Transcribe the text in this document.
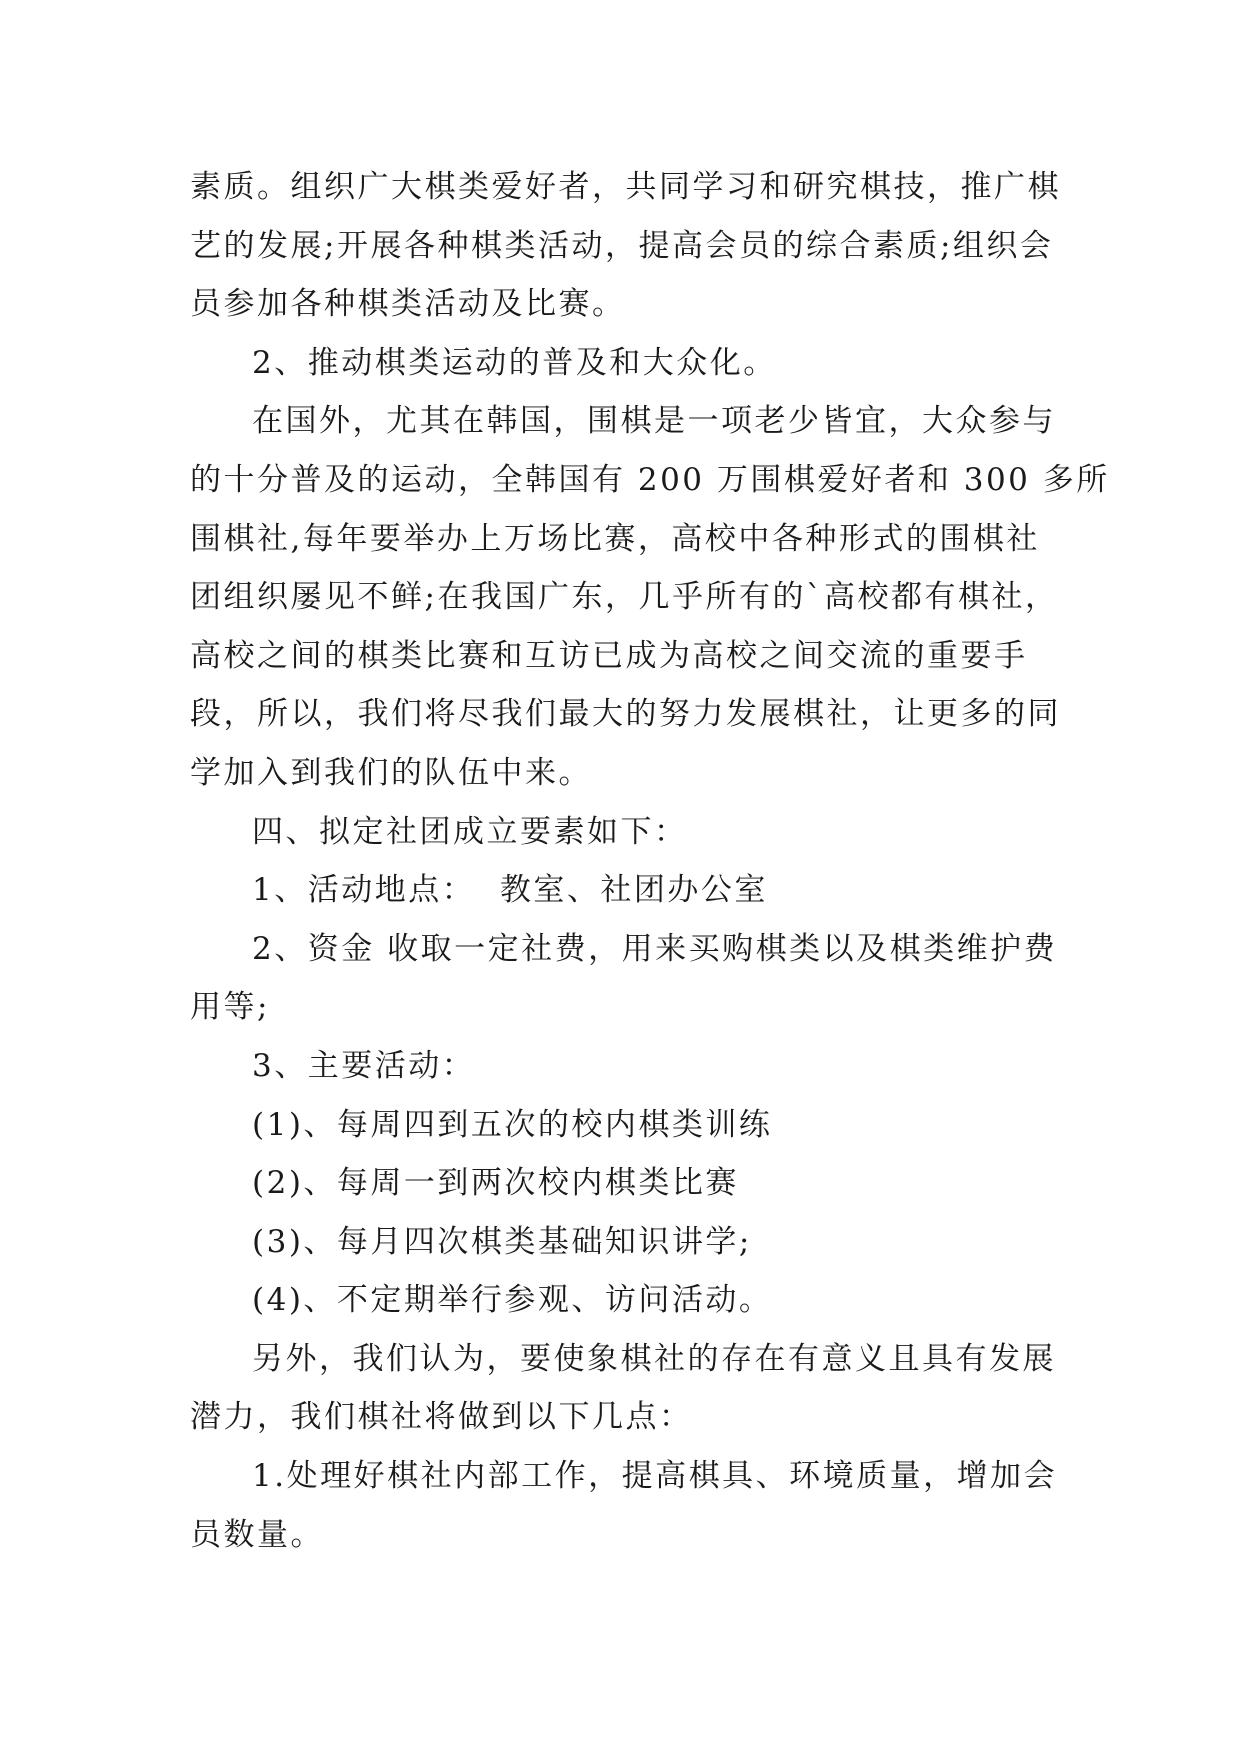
素质。组织广大棋类爱好者，共同学习和研究棋技，推广棋
艺的发展;开展各种棋类活动，提高会员的综合素质;组织会
员参加各种棋类活动及比赛。

2、推动棋类运动的普及和大众化。

在国外，尤其在韩国，围棋是一项老少皆宜，大众参与
的十分普及的运动，全韩国有 200 万围棋爱好者和 300 多所
围棋社,每年要举办上万场比赛，高校中各种形式的围棋社
团组织屡见不鲜;在我国广东，几乎所有的`高校都有棋社，
高校之间的棋类比赛和互访已成为高校之间交流的重要手
段，所以，我们将尽我们最大的努力发展棋社，让更多的同
学加入到我们的队伍中来。

四、拟定社团成立要素如下：

1、活动地点：  教室、社团办公室

2、资金 收取一定社费，用来买购棋类以及棋类维护费
用等;

3、主要活动：

(1)、每周四到五次的校内棋类训练

(2)、每周一到两次校内棋类比赛

(3)、每月四次棋类基础知识讲学;

(4)、不定期举行参观、访问活动。

另外，我们认为，要使象棋社的存在有意义且具有发展
潜力，我们棋社将做到以下几点：

1.处理好棋社内部工作，提高棋具、环境质量，增加会
员数量。
